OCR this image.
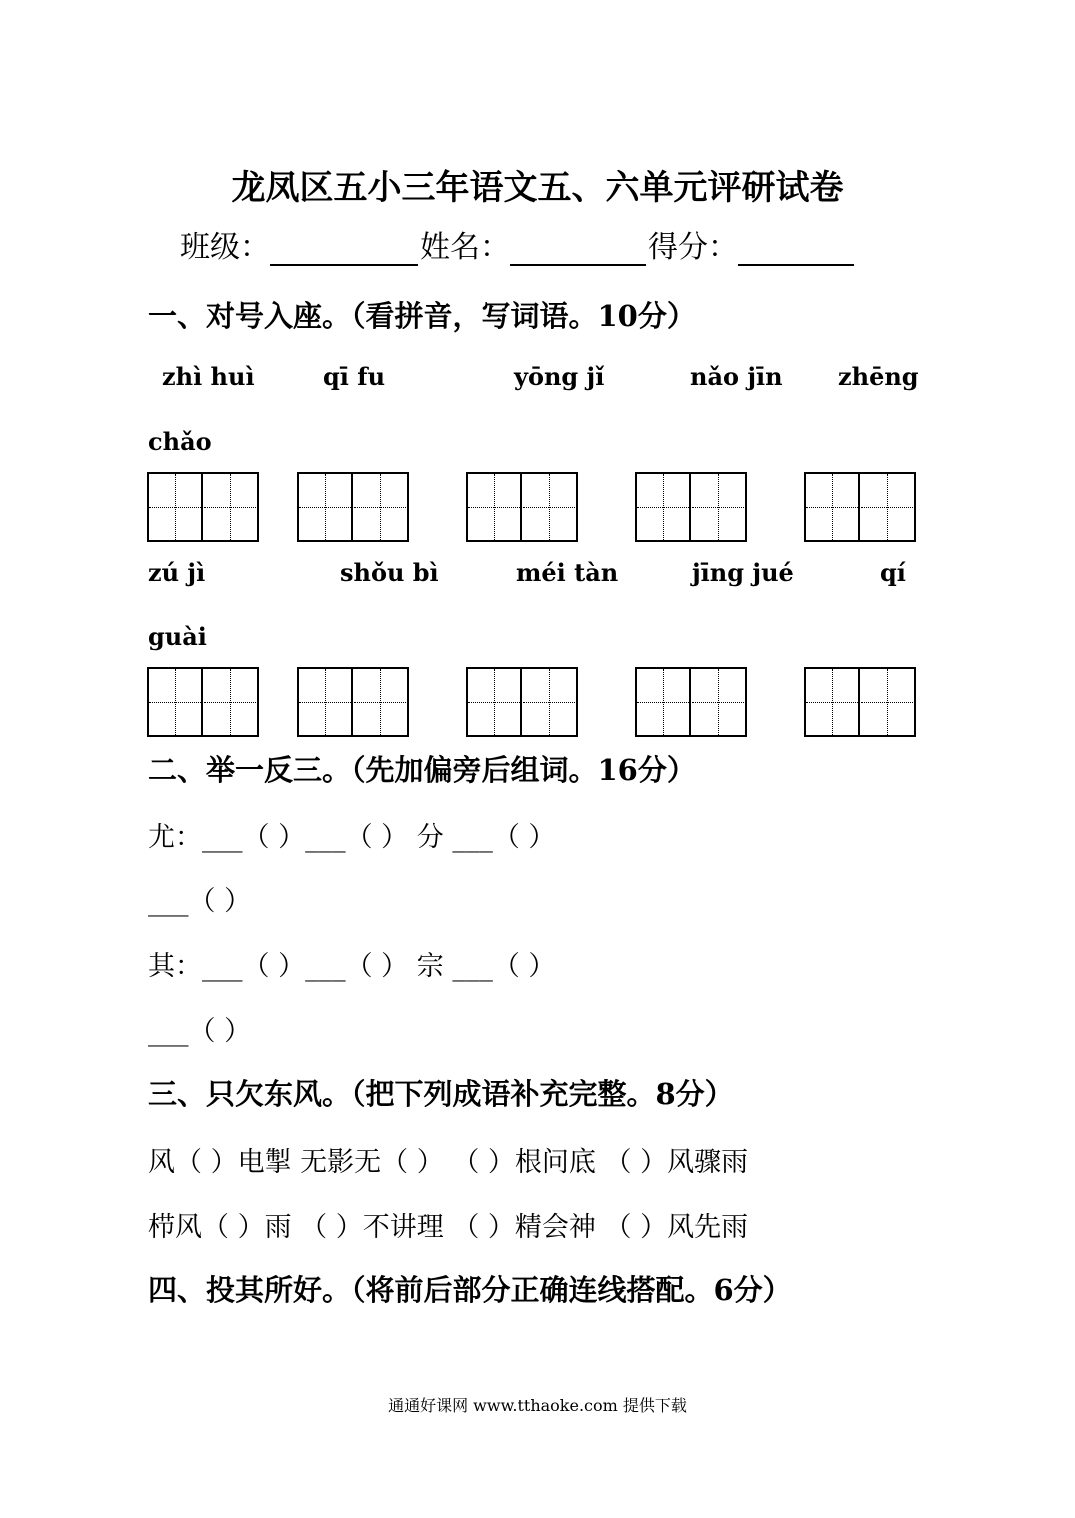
龙凤区五小三年语文五、六单元评研试卷
班级：	姓名：	得分：
一、对号入座。（看拼音，写词语。10分）
zhì huì	qī fu	yōng jǐ	nǎo jīn zhēng
chǎo
zú jì	shǒu bì	méi tàn	jīng jué	qí
guài
二、举一反三。（先加偏旁后组词。16分）
尤：___（ ）___（ ） 分 ___（ ）
___（ ）
其：___（ ）___（ ） 宗 ___（ ）
___（ ）
三、只欠东风。（把下列成语补充完整。8分）
风（ ）电掣 无影无（ ） （ ）根问底 （ ）风骤雨
栉风（ ）雨 （ ）不讲理 （ ）精会神 （ ）风先雨
四、投其所好。（将前后部分正确连线搭配。6分）
通通好课网 www.tthaoke.com 提供下载
